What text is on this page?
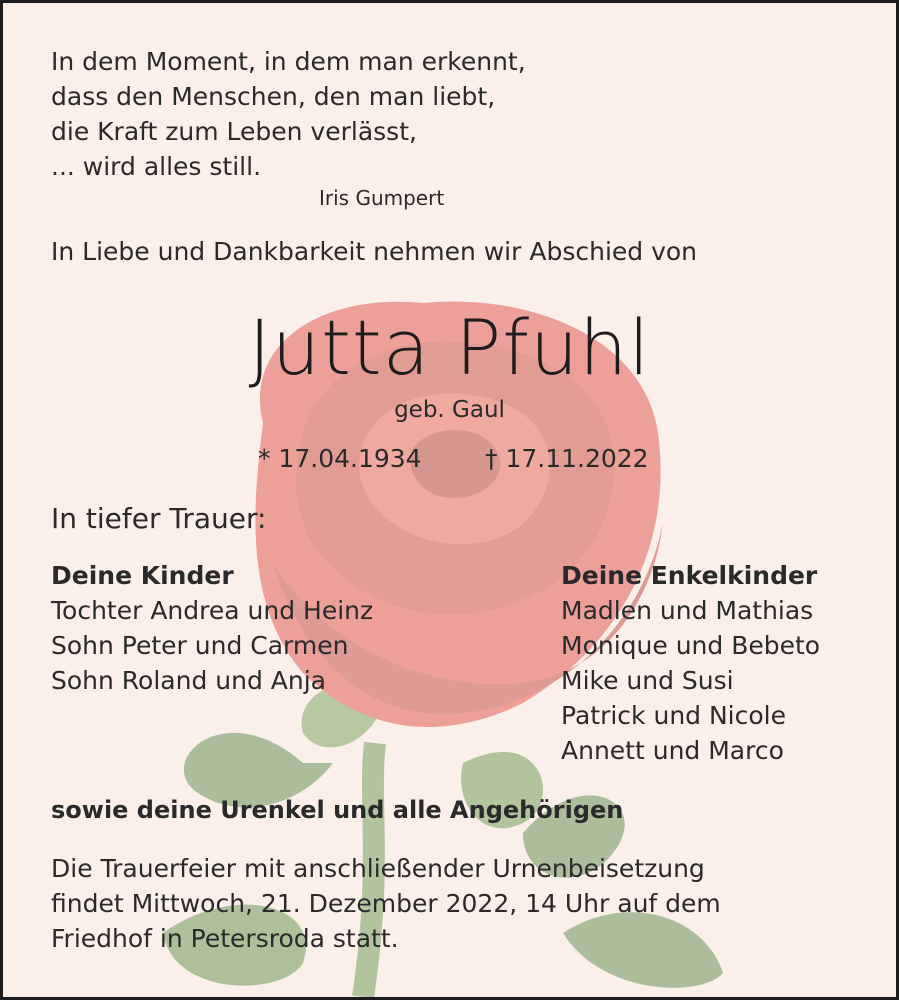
In dem Moment, in dem man erkennt,
dass den Menschen, den man liebt,
die Kraft zum Leben verlässt,
... wird alles still.
Iris Gumpert
In Liebe und Dankbarkeit nehmen wir Abschied von
Jutta Pfuhl
geb. Gaul
* 17.04.1934	† 17.11.2022
In tiefer Trauer:
Deine Kinder
Tochter Andrea und Heinz
Sohn Peter und Carmen
Sohn Roland und Anja
Deine Enkelkinder
Madlen und Mathias
Monique und Bebeto
Mike und Susi
Patrick und Nicole
Annett und Marco
sowie deine Urenkel und alle Angehörigen
Die Trauerfeier mit anschließender Urnenbeisetzung
findet Mittwoch, 21. Dezember 2022, 14 Uhr auf dem
Friedhof in Petersroda statt.
